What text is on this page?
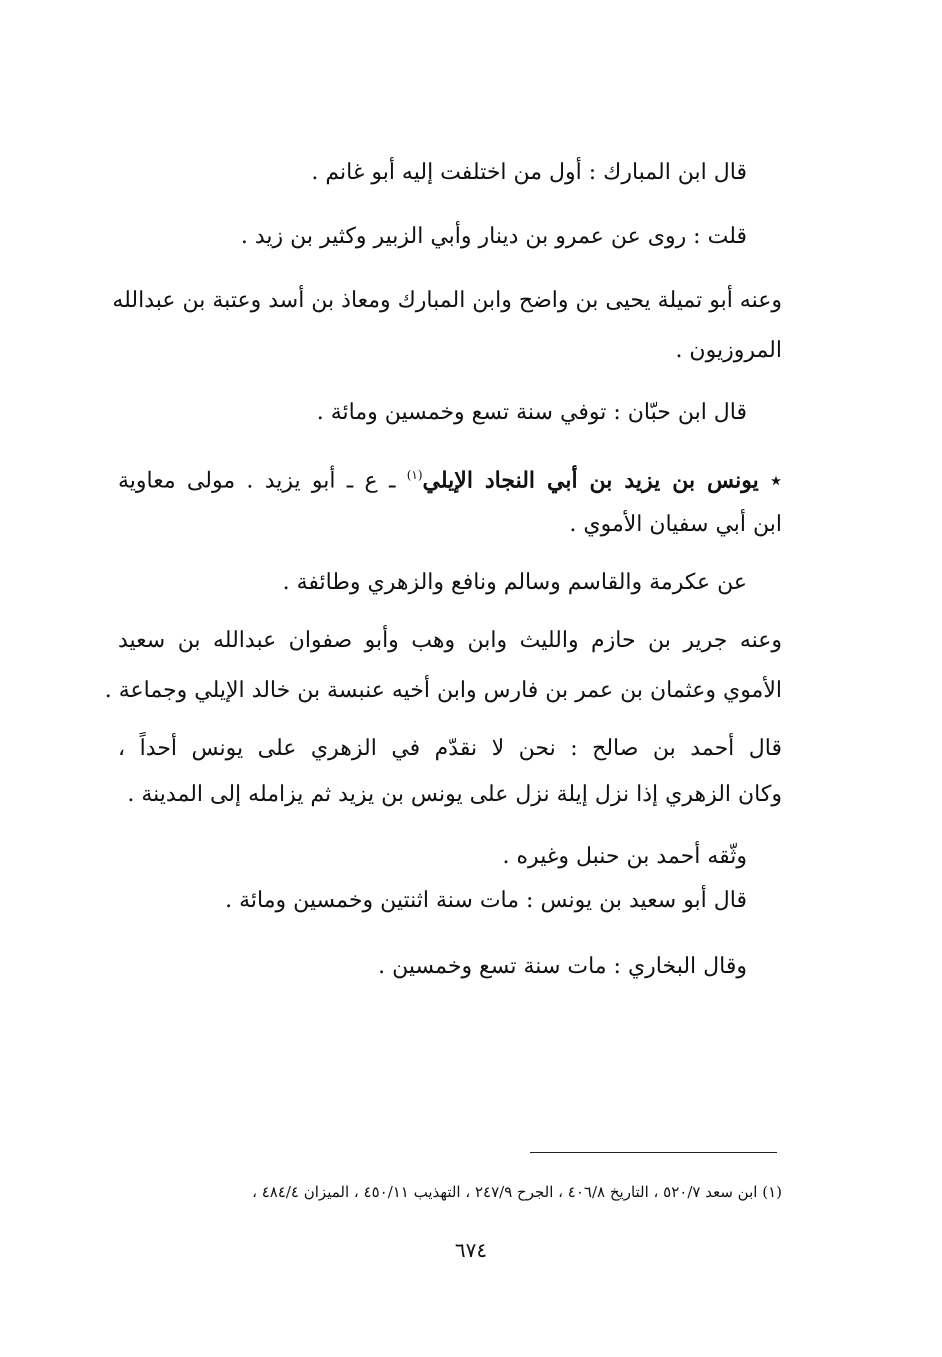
قال ابن المبارك : أول من اختلفت إليه أبو غانم .
قلت : روى عن عمرو بن دينار وأبي الزبير وكثير بن زيد .
وعنه أبو تميلة يحيى بن واضح وابن المبارك ومعاذ بن أسد وعتبة بن عبدالله
المروزيون .
قال ابن حبّان : توفي سنة تسع وخمسين ومائة .
٭ يونس بن يزيد بن أبي النجاد الإيلي$^{(١)}$ ـ ع ـ أبو يزيد . مولى معاوية
ابن أبي سفيان الأموي .
عن عكرمة والقاسم وسالم ونافع والزهري وطائفة .
وعنه جرير بن حازم والليث وابن وهب وأبو صفوان عبدالله بن سعيد
الأموي وعثمان بن عمر بن فارس وابن أخيه عنبسة بن خالد الإيلي وجماعة .
قال أحمد بن صالح : نحن لا نقدّم في الزهري على يونس أحداً ،
وكان الزهري إذا نزل إيلة نزل على يونس بن يزيد ثم يزامله إلى المدينة .
وثّقه أحمد بن حنبل وغيره .
قال أبو سعيد بن يونس : مات سنة اثنتين وخمسين ومائة .
وقال البخاري : مات سنة تسع وخمسين .
(١) ابن سعد ٥٢٠/٧ ، التاريخ ٤٠٦/٨ ، الجرح ٢٤٧/٩ ، التهذيب ٤٥٠/١١ ، الميزان ٤٨٤/٤ ،
٦٧٤
